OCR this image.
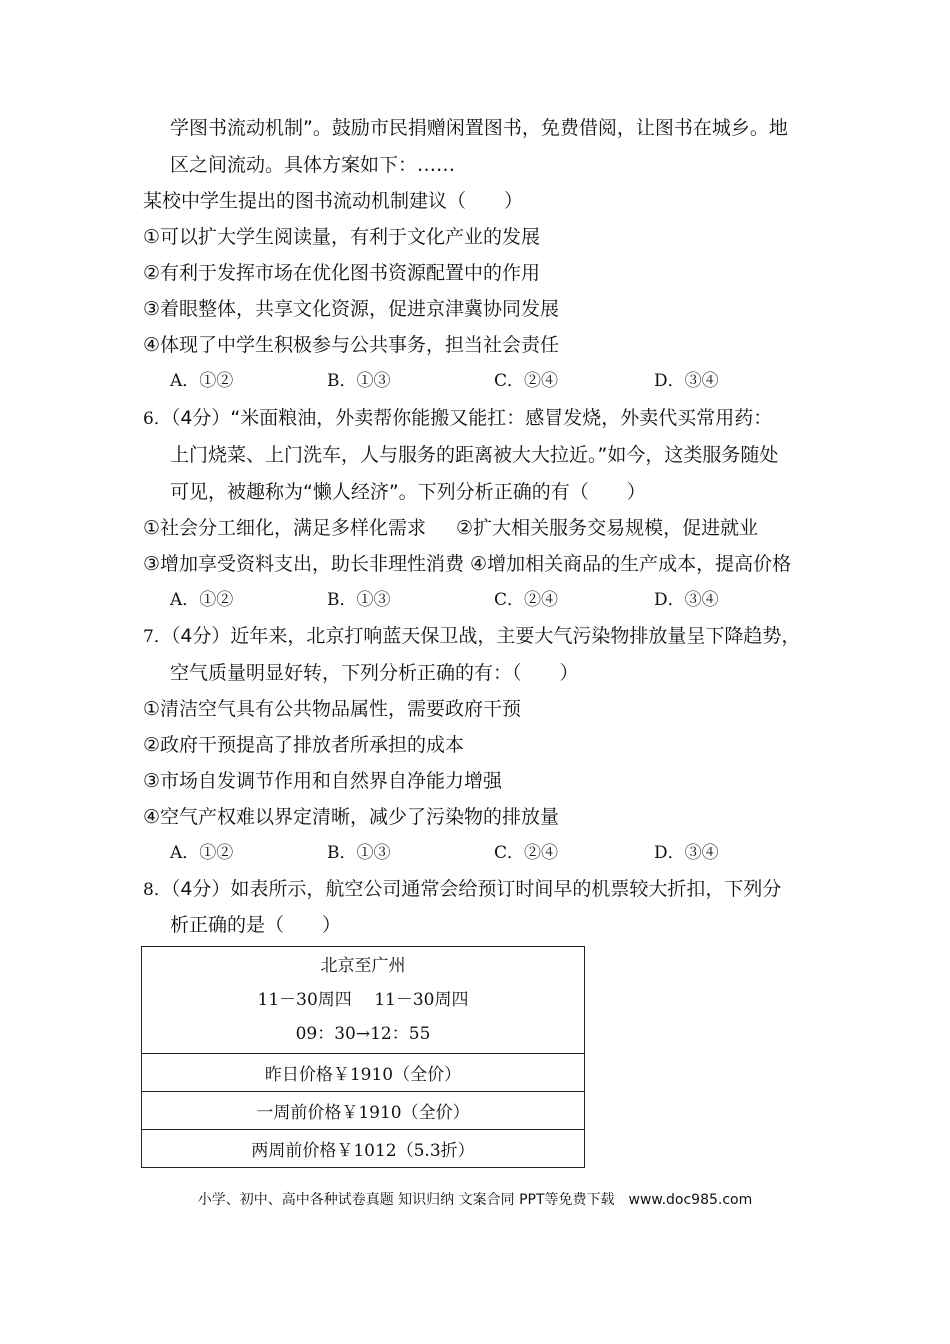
学图书流动机制”。鼓励市民捐赠闲置图书，免费借阅，让图书在城乡。地
区之间流动。具体方案如下：……
某校中学生提出的图书流动机制建议（　　）
①可以扩大学生阅读量，有利于文化产业的发展
②有利于发挥市场在优化图书资源配置中的作用
③着眼整体，共享文化资源，促进京津冀协同发展
④体现了中学生积极参与公共事务，担当社会责任
A．①②	B．①③	C．②④	D．③④
6．（4分）“米面粮油，外卖帮你能搬又能扛：感冒发烧，外卖代买常用药：
上门烧菜、上门洗车，人与服务的距离被大大拉近。”如今，这类服务随处
可见，被趣称为“懒人经济”。下列分析正确的有（　　）
①社会分工细化，满足多样化需求 ②扩大相关服务交易规模，促进就业
③增加享受资料支出，助长非理性消费 ④增加相关商品的生产成本，提高价格
A．①②	B．①③	C．②④	D．③④
7．（4分）近年来，北京打响蓝天保卫战，主要大气污染物排放量呈下降趋势，
空气质量明显好转，下列分析正确的有：（　　）
①清洁空气具有公共物品属性，需要政府干预
②政府干预提高了排放者所承担的成本
③市场自发调节作用和自然界自净能力增强
④空气产权难以界定清晰，减少了污染物的排放量
A．①②	B．①③	C．②④	D．③④
8．（4分）如表所示，航空公司通常会给预订时间早的机票较大折扣，下列分
析正确的是（　　）
北京至广州
11－30周四　 11－30周四
09：30→12：55

昨日价格￥1910（全价）
一周前价格￥1910（全价）
两周前价格￥1012（5.3折）
小学、初中、高中各种试卷真题 知识归纳 文案合同 PPT等免费下载　www.doc985.com
